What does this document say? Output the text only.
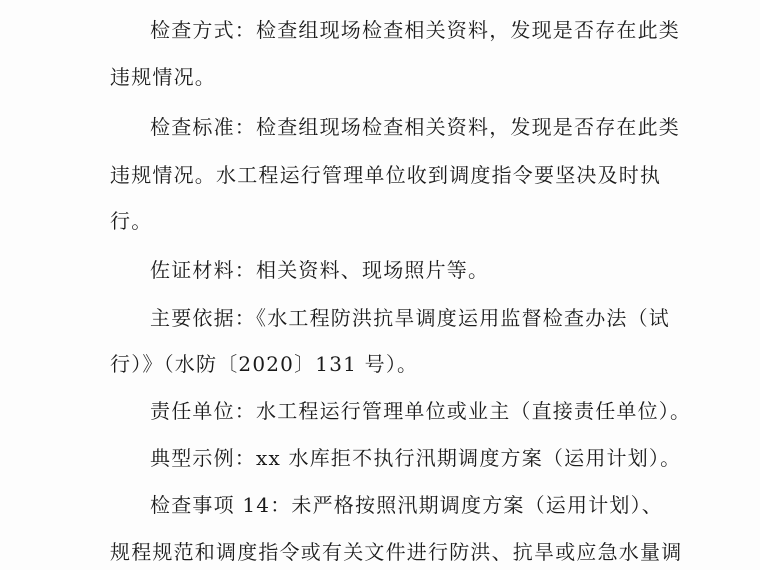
检查方式：检查组现场检查相关资料，发现是否存在此类
违规情况。
检查标准：检查组现场检查相关资料，发现是否存在此类
违规情况。水工程运行管理单位收到调度指令要坚决及时执
行。
佐证材料：相关资料、现场照片等。
主要依据：《水工程防洪抗旱调度运用监督检查办法（试
行）》（水防〔2020〕131 号）。
责任单位：水工程运行管理单位或业主（直接责任单位）。
典型示例：xx 水库拒不执行汛期调度方案（运用计划）。
检查事项 14：未严格按照汛期调度方案（运用计划）、
规程规范和调度指令或有关文件进行防洪、抗旱或应急水量调
